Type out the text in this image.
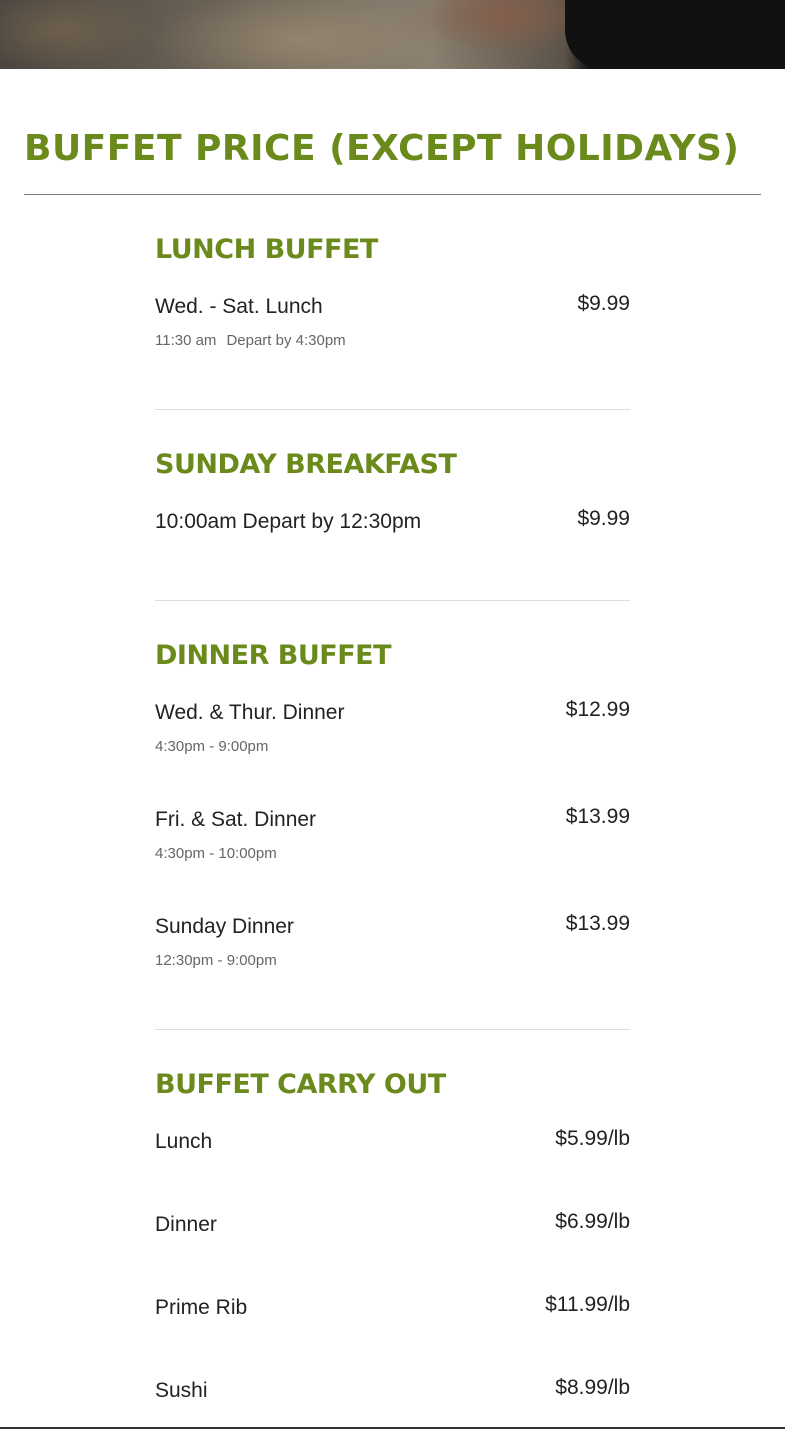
BUFFET PRICE (EXCEPT HOLIDAYS)
LUNCH BUFFET
Wed. - Sat. Lunch	$9.99
11:30 am Depart by 4:30pm
SUNDAY BREAKFAST
10:00am Depart by 12:30pm	$9.99
DINNER BUFFET
Wed. & Thur. Dinner	$12.99
4:30pm - 9:00pm
Fri. & Sat. Dinner	$13.99
4:30pm - 10:00pm
Sunday Dinner	$13.99
12:30pm - 9:00pm
BUFFET CARRY OUT
Lunch	$5.99/lb
Dinner	$6.99/lb
Prime Rib	$11.99/lb
Sushi	$8.99/lb
